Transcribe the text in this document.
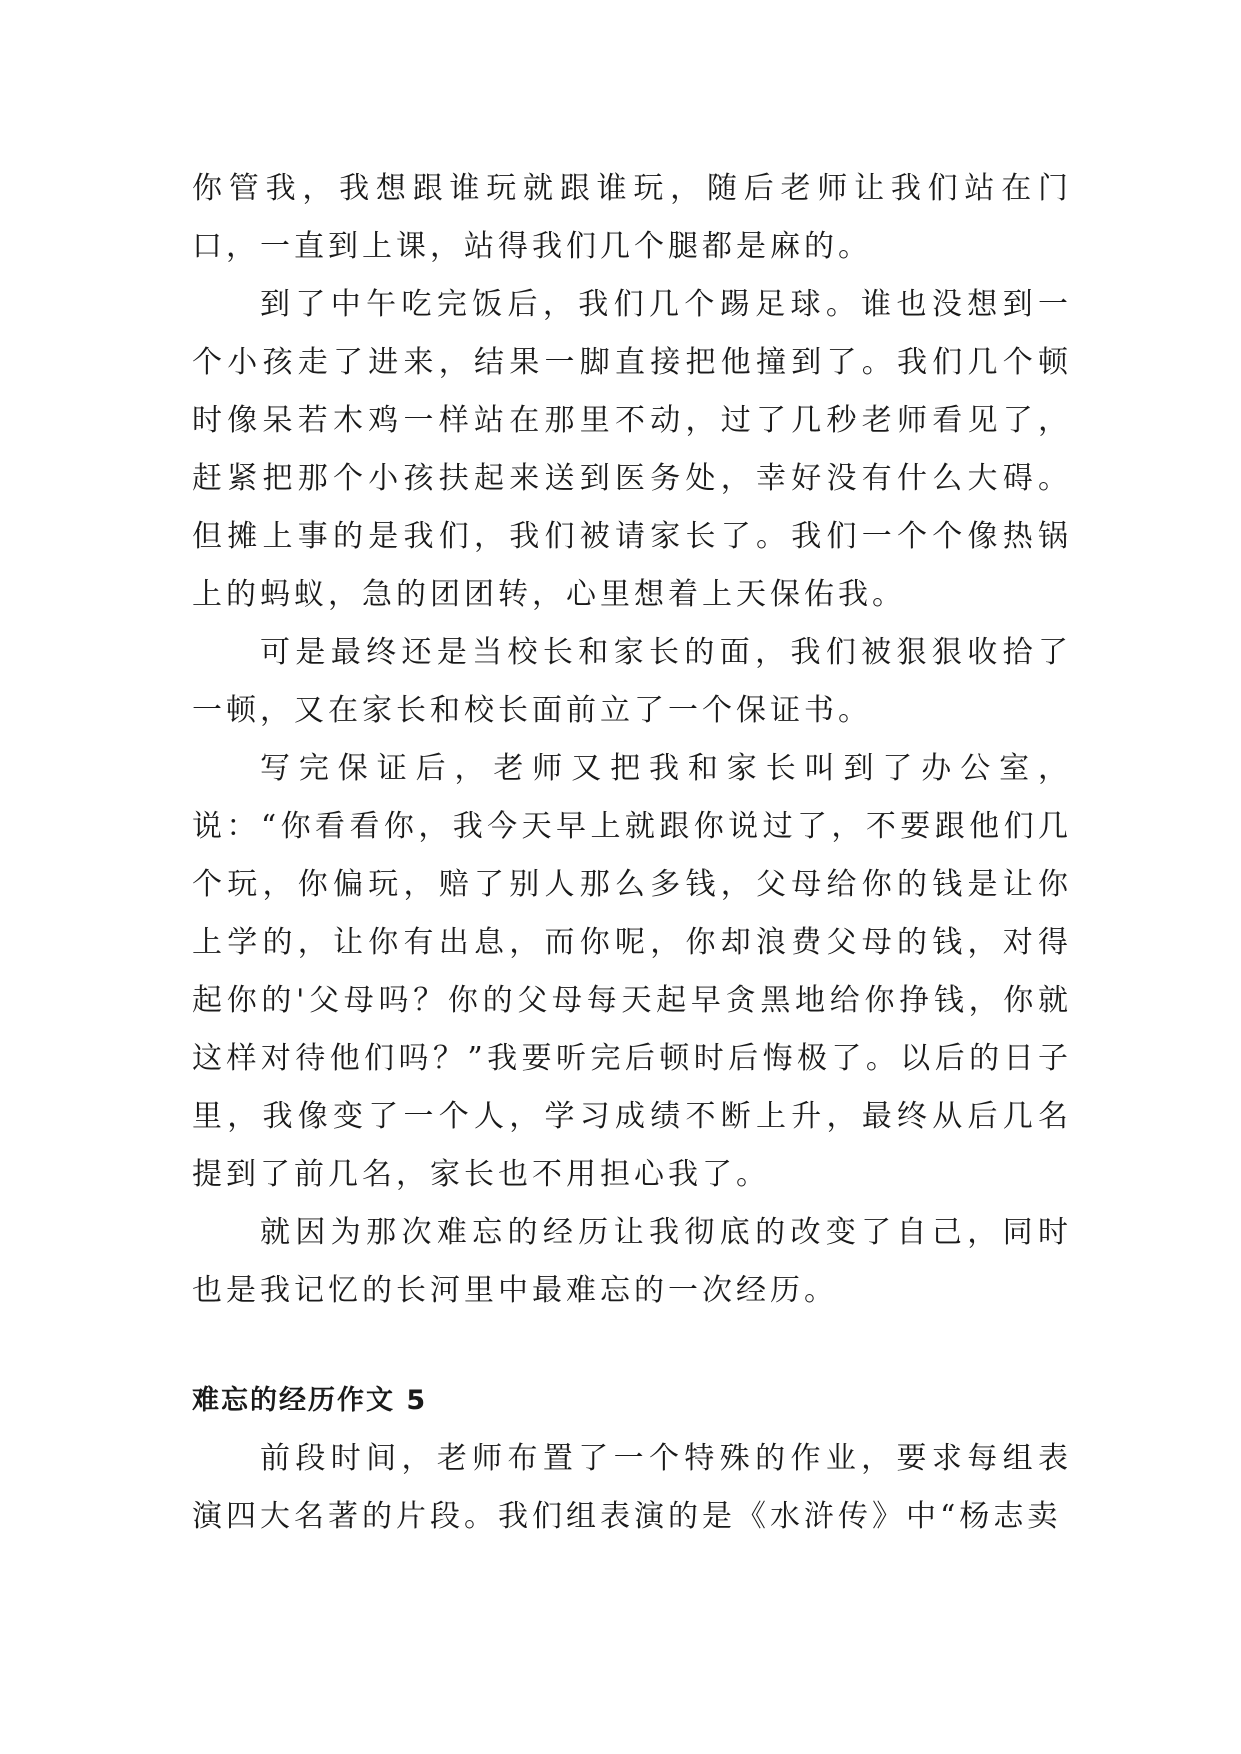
你管我，我想跟谁玩就跟谁玩，随后老师让我们站在门口，一直到上课，站得我们几个腿都是麻的。

到了中午吃完饭后，我们几个踢足球。谁也没想到一个小孩走了进来，结果一脚直接把他撞到了。我们几个顿时像呆若木鸡一样站在那里不动，过了几秒老师看见了，赶紧把那个小孩扶起来送到医务处，幸好没有什么大碍。但摊上事的是我们，我们被请家长了。我们一个个像热锅上的蚂蚁，急的团团转，心里想着上天保佑我。

可是最终还是当校长和家长的面，我们被狠狠收拾了一顿，又在家长和校长面前立了一个保证书。

写完保证后，老师又把我和家长叫到了办公室，说：“你看看你，我今天早上就跟你说过了，不要跟他们几个玩，你偏玩，赔了别人那么多钱，父母给你的钱是让你上学的，让你有出息，而你呢，你却浪费父母的钱，对得起你的'父母吗？你的父母每天起早贪黑地给你挣钱，你就这样对待他们吗？”我要听完后顿时后悔极了。以后的日子里，我像变了一个人，学习成绩不断上升，最终从后几名提到了前几名，家长也不用担心我了。

就因为那次难忘的经历让我彻底的改变了自己，同时也是我记忆的长河里中最难忘的一次经历。

难忘的经历作文 5

前段时间，老师布置了一个特殊的作业，要求每组表演四大名著的片段。我们组表演的是《水浒传》中“杨志卖
